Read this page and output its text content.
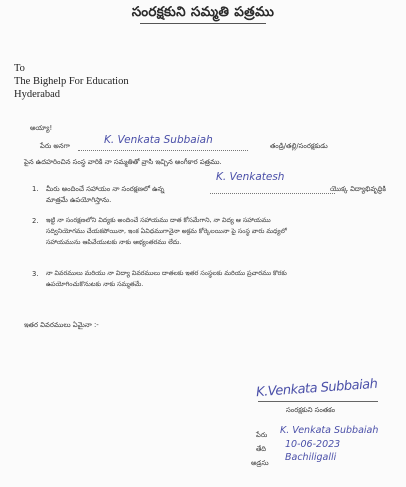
సంరక్షకుని సమ్మతి పత్రము
To
The Bighelp For Education
Hyderabad
అయ్యా!
పేరు అనగా	K. Venkata Subbaiah	తండ్రి/తల్లి/సంరక్షకుడు
పైన ఉదహరించిన సంస్థ వారికి నా సమ్మతితో వ్రాసి ఇచ్చిన అంగీకార పత్రము.
1. మీరు అందించే సహాయం నా సంరక్షణలో ఉన్న
K. Venkatesh
యొక్క విద్యాభివృద్ధికి
మాత్రమే ఉపయోగిస్తాను.
2. ఇట్టి నా సంరక్షణలోని విద్యకు అందించే సహాయము దాత కోసమేగాని, నా విద్య ఆ సహాయము
సద్వినియోగము చేయకపోయినా, ఇంక ఏవిధముగానైనా అక్రమ కోర్కెలయినా పై సంస్థ వారు మధ్యలో
సహాయమును ఆపివేయుటకు నాకు అభ్యంతరము లేదు.
3. నా వివరములు మరియు నా విద్యా వివరములు దాతలకు ఇతర సంస్థలకు మరియు ప్రచారము కొరకు
ఉపయోగించుకొనుటకు నాకు సమ్మతమే.
ఇతర వివరములు ఏమైనా :-
K.Venkata Subbaiah
సంరక్షకుని సంతకం
పేరు K. Venkata Subbaiah
తేది 10-06-2023
అడ్రసు Bachiligalli
